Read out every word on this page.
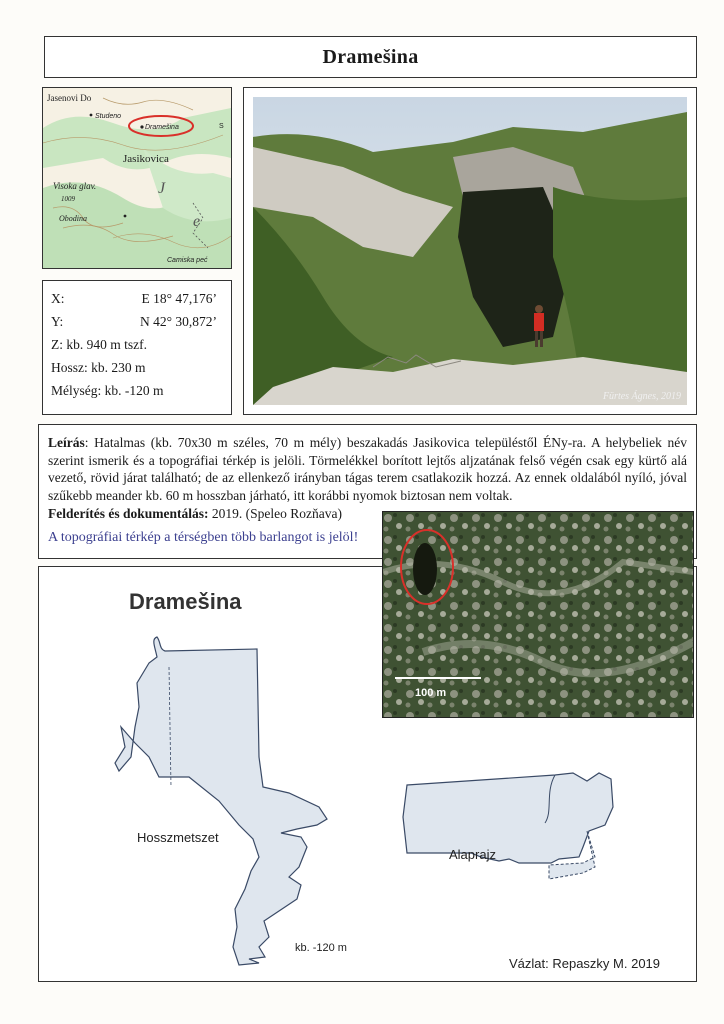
Dramešina
Jasenovi Do
Studeno
Dramešina	S
Jasikovica
Visoka glav.
1009
Obodina
J
e
Camiska peć
X:	E 18° 47,176’
Y:	N 42° 30,872’
Z: kb. 940 m tszf.
Hossz: kb. 230 m
Mélység: kb. -120 m	Fürtes Ágnes, 2019

Leírás: Hatalmas (kb. 70x30 m széles, 70 m mély) beszakadás Jasikovica településtől ÉNy-ra. A helybeliek név szerint ismerik és a topográfiai térkép is jelöli. Törmelékkel borított lejtős aljzatának felső végén csak egy kürtő alá vezető, rövid járat található; de az ellenkező irányban tágas terem csatlakozik hozzá. Az ennek oldalából nyíló, jóval szűkebb meander kb. 60 m hosszban járható, itt korábbi nyomok biztosan nem voltak.

Felderítés és dokumentálás: 2019. (Speleo Rozňava)

A topográfiai térkép a térségben több barlangot is jelöl!

Dramešina
Hosszmetszet
kb. -120 m
Alaprajz
Vázlat: Repaszky M. 2019
100 m
